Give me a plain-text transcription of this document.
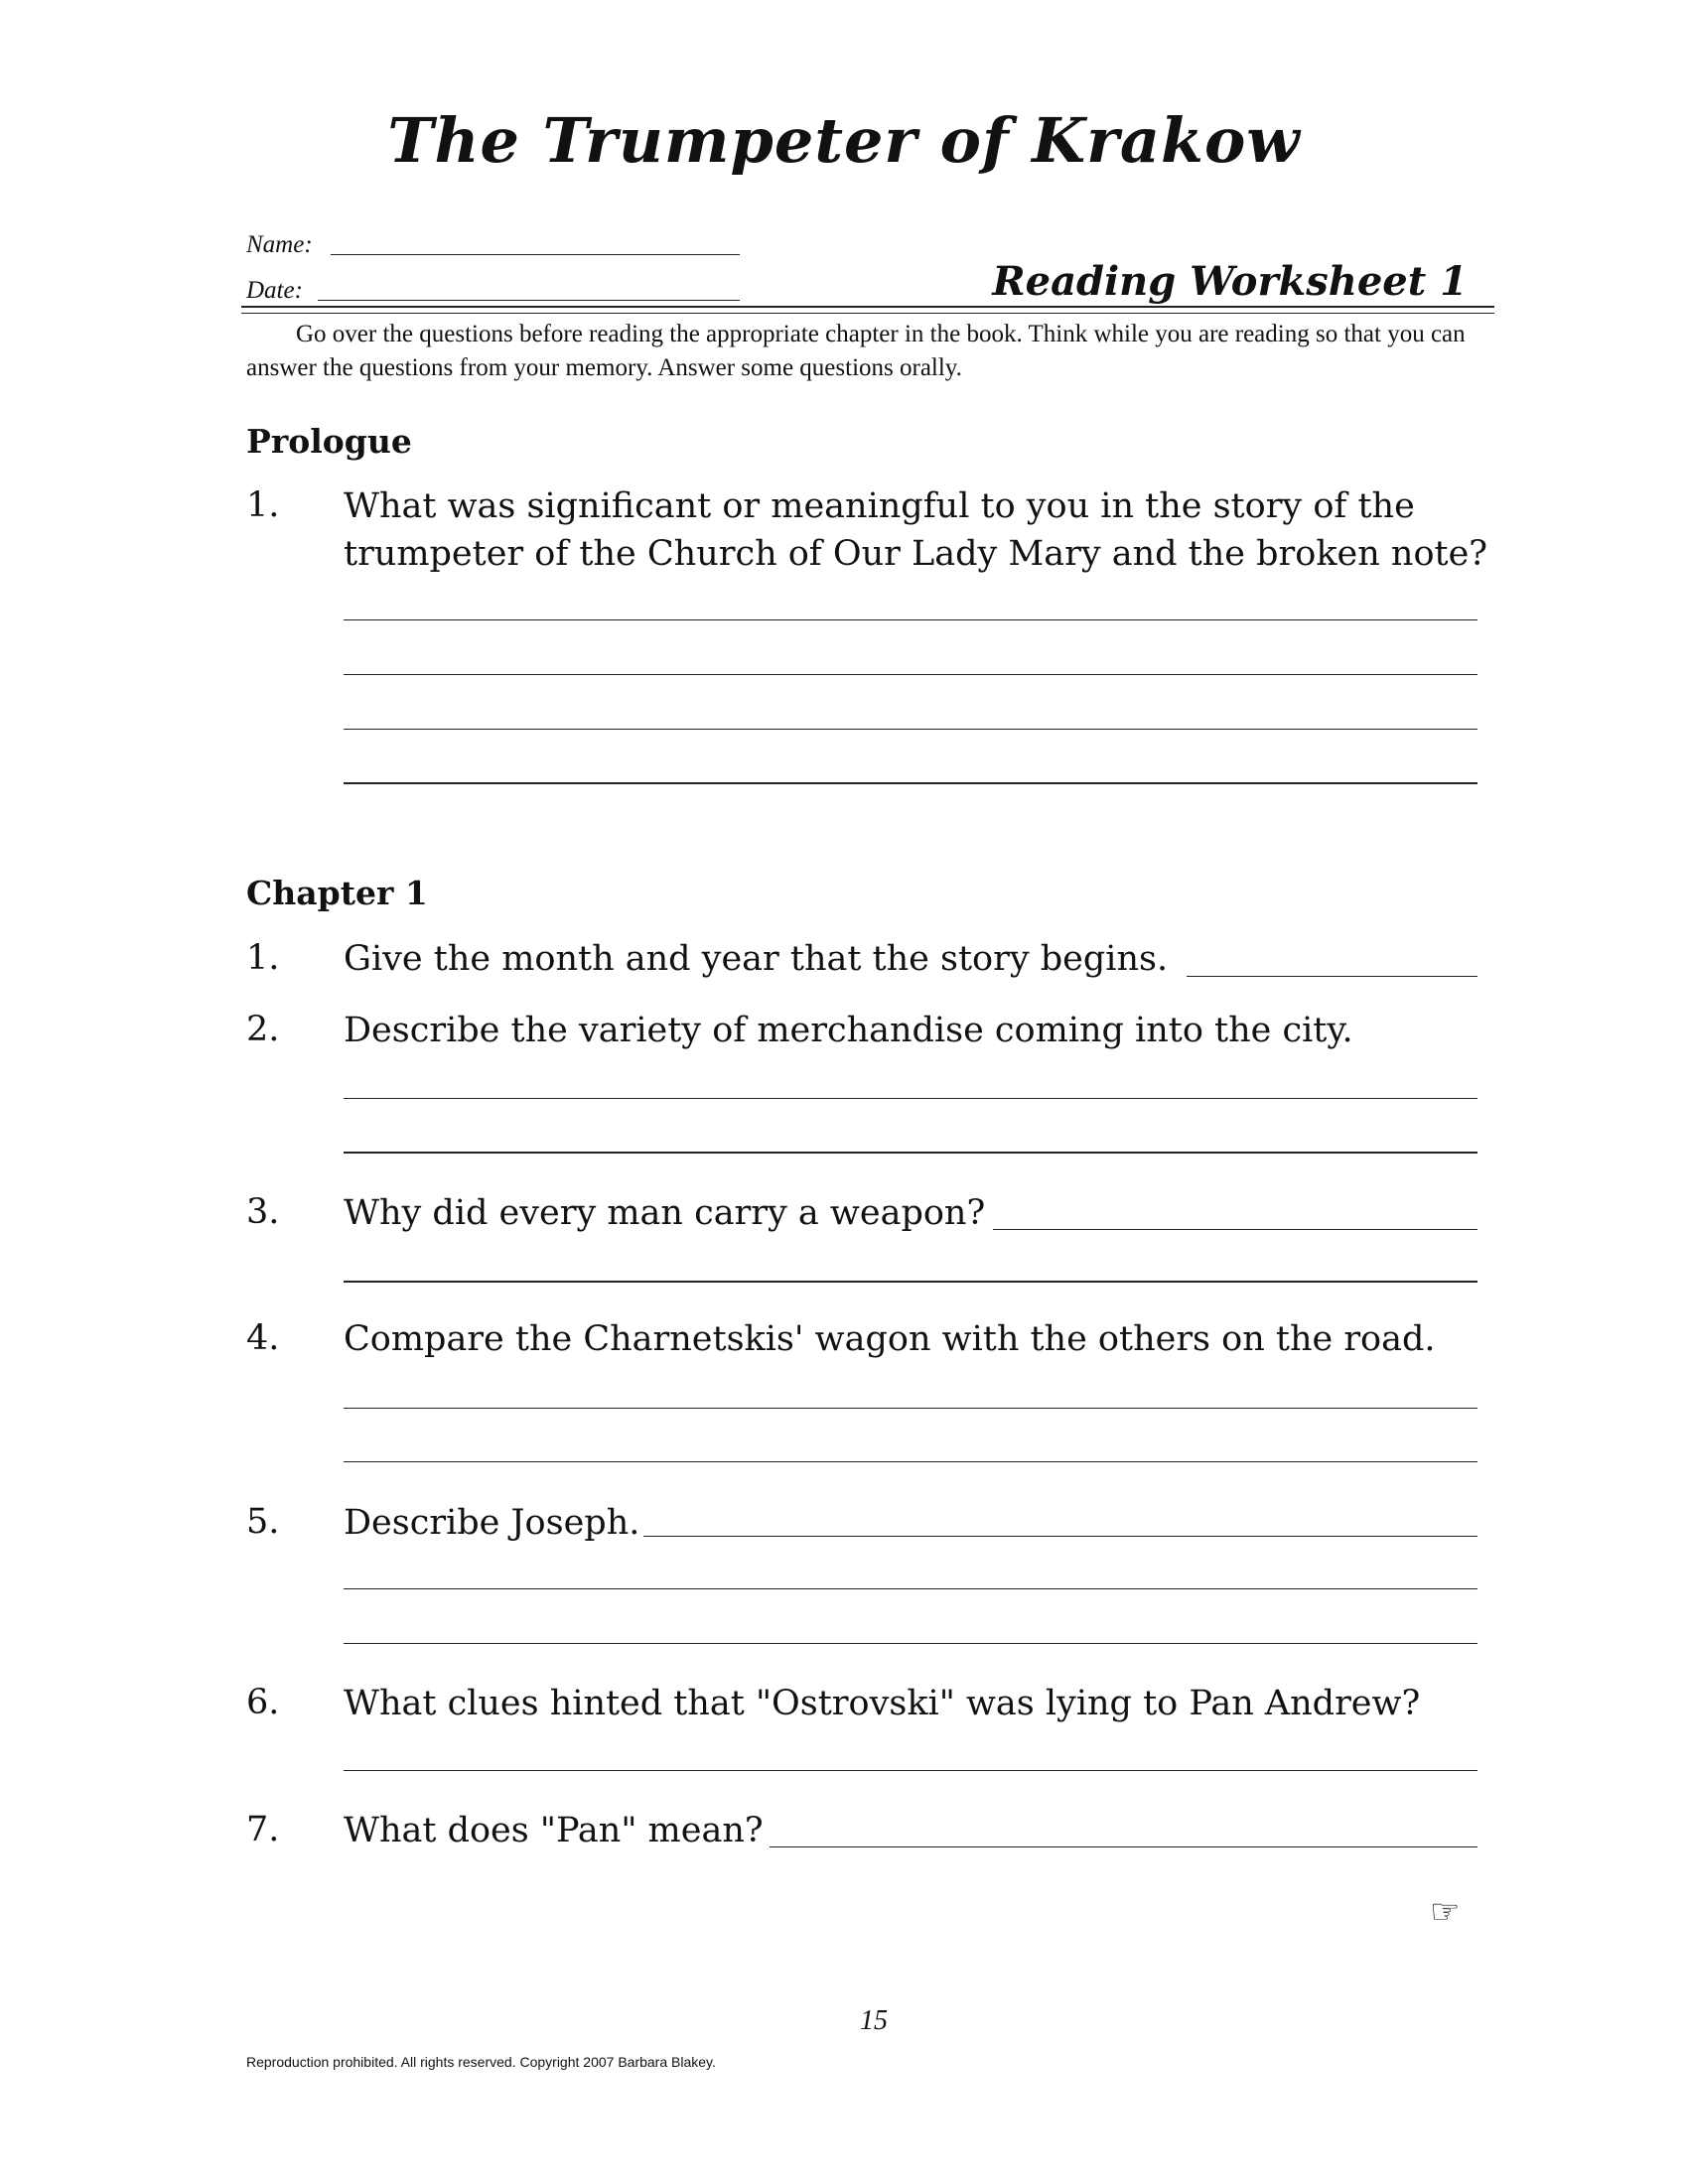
The Trumpeter of Krakow
Name:
Date:	Reading Worksheet 1
Go over the questions before reading the appropriate chapter in the book. Think while you are reading so that you can answer the questions from your memory. Answer some questions orally.
Prologue
1. What was significant or meaningful to you in the story of the trumpeter of the Church of Our Lady Mary and the broken note?
Chapter 1
1. Give the month and year that the story begins.
2. Describe the variety of merchandise coming into the city.
3. Why did every man carry a weapon?
4. Compare the Charnetskis' wagon with the others on the road.
5. Describe Joseph.
6. What clues hinted that "Ostrovski" was lying to Pan Andrew?
7. What does "Pan" mean?
☞
15
Reproduction prohibited. All rights reserved. Copyright 2007 Barbara Blakey.
